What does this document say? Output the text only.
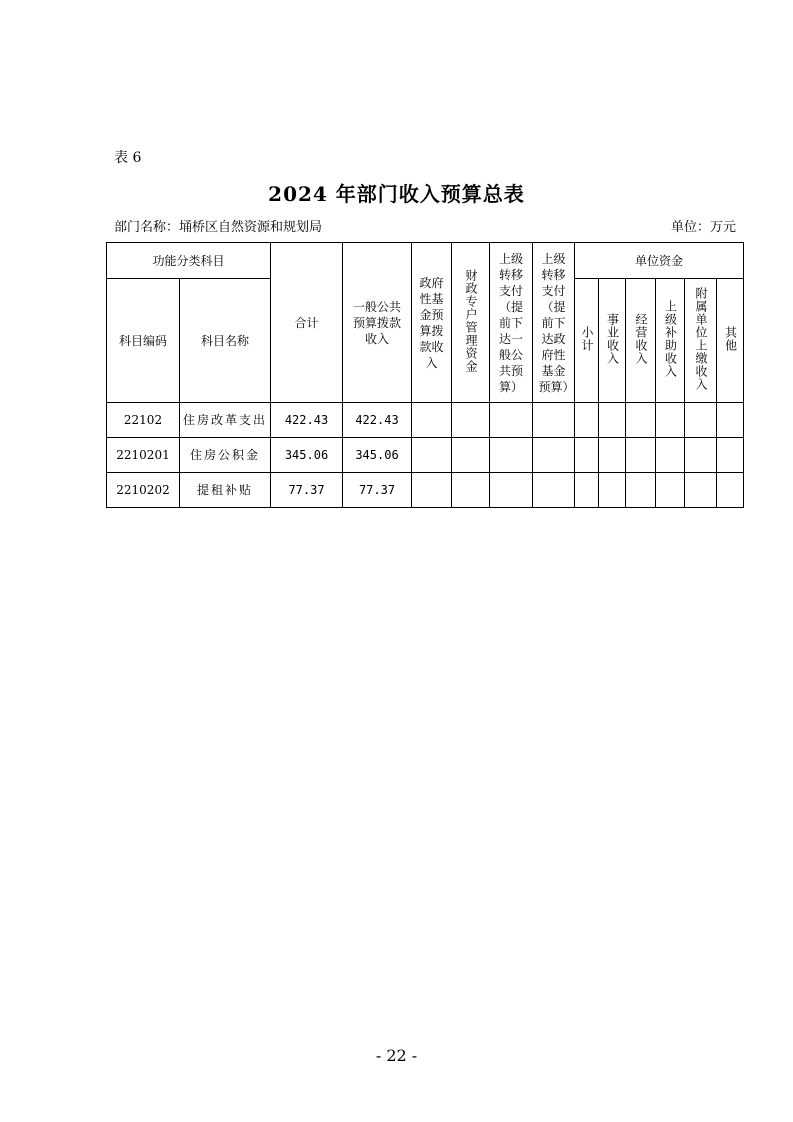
表 6
2024 年部门收入预算总表
部门名称：埇桥区自然资源和规划局	单位：万元
功能分类科目		合计	一般公共预算拨款收入	政府性基金预算拨款收入	财政专户管理资金	上级转移支付（提前下达一般公共预算）	上级转移支付（提前下达政府性基金预算）	单位资金					
科目编码	科目名称							小计	事业收入	经营收入	上级补助收入	附属单位上缴收入	其他
22102	住房改革支出	422.43	422.43										
2210201	住房公积金	345.06	345.06										
2210202	提租补贴	77.37	77.37										
- 22 -
